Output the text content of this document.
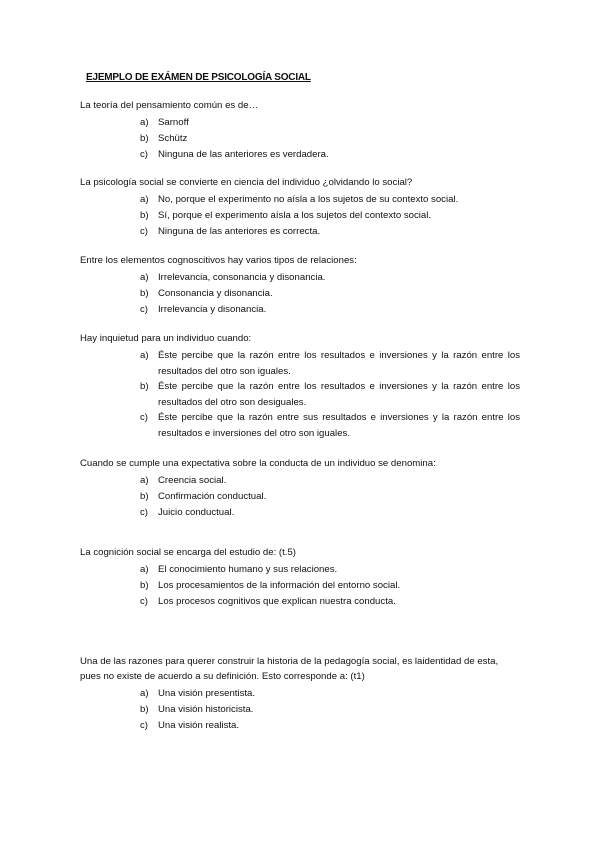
EJEMPLO DE EXÁMEN DE PSICOLOGÍA SOCIAL

La teoría del pensamiento común es de…

a) Sarnoff
b) Schütz
c) Ninguna de las anteriores es verdadera.

La psicología social se convierte en ciencia del individuo ¿olvidando lo social?

a) No, porque el experimento no aísla a los sujetos de su contexto social.
b) Sí, porque el experimento aísla a los sujetos del contexto social.
c) Ninguna de las anteriores es correcta.

Entre los elementos cognoscitivos hay varios tipos de relaciones:

a) Irrelevancia, consonancia y disonancia.
b) Consonancia y disonancia.
c) Irrelevancia y disonancia.

Hay inquietud para un individuo cuando:

a) Éste percibe que la razón entre los resultados e inversiones y la razón entre los resultados del otro son iguales.
b) Éste percibe que la razón entre los resultados e inversiones y la razón entre los resultados del otro son desiguales.
c) Éste percibe que la razón entre sus resultados e inversiones y la razón entre los resultados e inversiones del otro son iguales.

Cuando se cumple una expectativa sobre la conducta de un individuo se denomina:

a) Creencia social.
b) Confirmación conductual.
c) Juicio conductual.

La cognición social se encarga del estudio de: (t.5)

a) El conocimiento humano y sus relaciones.
b) Los procesamientos de la información del entorno social.
c) Los procesos cognitivos que explican nuestra conducta.

Una de las razones para querer construir la historia de la pedagogía social, es laidentidad de esta, pues no existe de acuerdo a su definición. Esto corresponde a: (t1)

a) Una visión presentista.
b) Una visión historicista.
c) Una visión realista.
